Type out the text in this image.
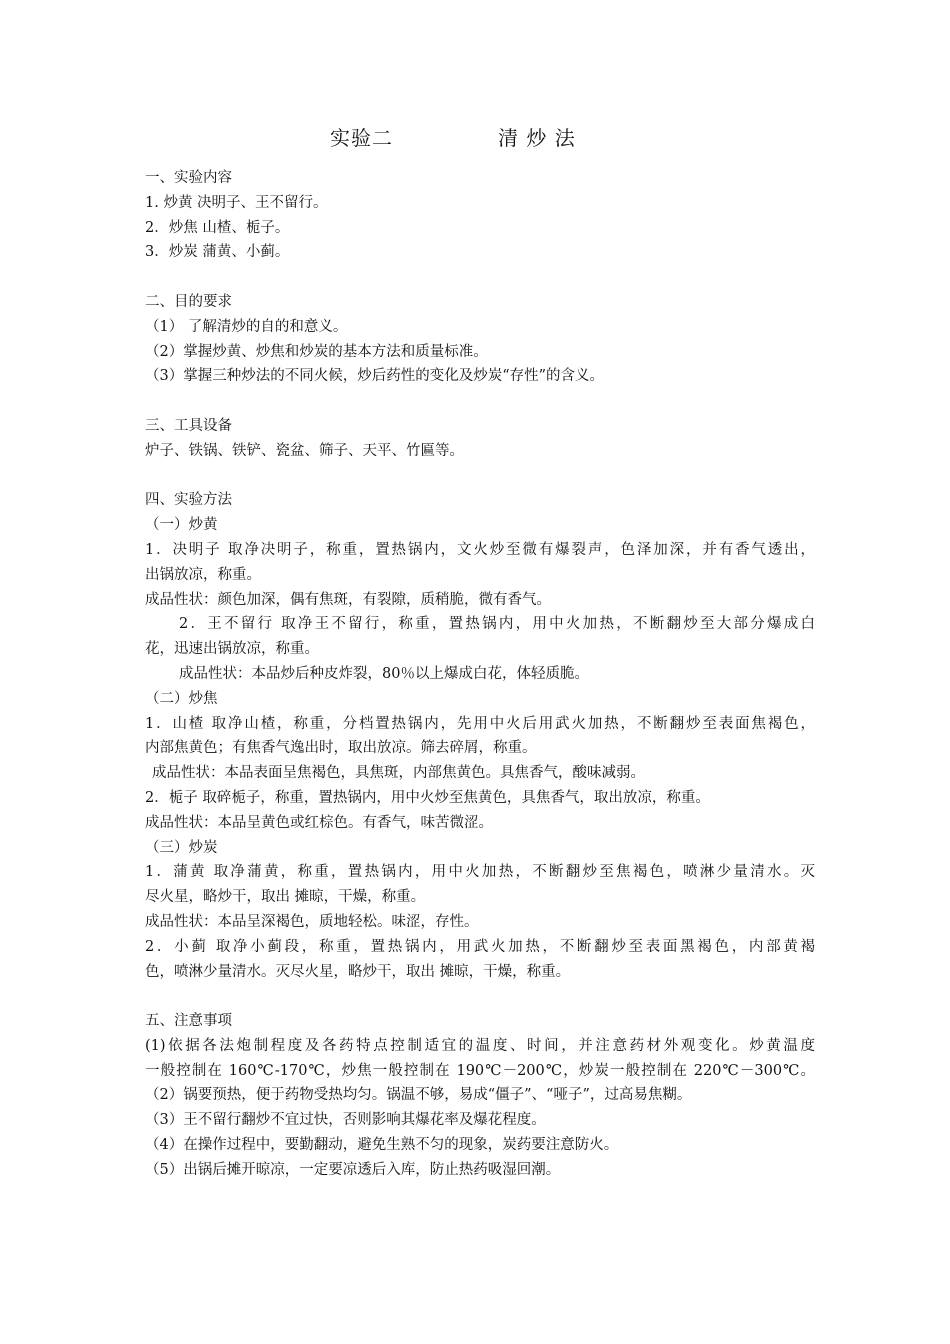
实验二	清 炒 法
一、实验内容
1. 炒黄 决明子、王不留行。
2．炒焦 山楂、栀子。
3．炒炭 蒲黄、小蓟。
二、目的要求
（1） 了解清炒的自的和意义。
（2）掌握炒黄、炒焦和炒炭的基本方法和质量标准。
（3）掌握三种炒法的不同火候，炒后药性的变化及炒炭“存性”的含义。
三、工具设备
炉子、铁锅、铁铲、瓷盆、筛子、天平、竹匾等。
四、实验方法
（一）炒黄
1．决明子 取净决明子，称重，置热锅内，文火炒至微有爆裂声，色泽加深，并有香气透出，
出锅放凉，称重。
成品性状：颜色加深，偶有焦斑，有裂隙，质稍脆，微有香气。
2．王不留行 取净王不留行，称重，置热锅内，用中火加热，不断翻炒至大部分爆成白
花，迅速出锅放凉，称重。
成品性状：本品炒后种皮炸裂，80％以上爆成白花，体轻质脆。
（二）炒焦
1．山楂 取净山楂，称重，分档置热锅内，先用中火后用武火加热，不断翻炒至表面焦褐色，
内部焦黄色；有焦香气逸出时，取出放凉。筛去碎屑，称重。
成品性状：本品表面呈焦褐色，具焦斑，内部焦黄色。具焦香气，酸味减弱。
2．栀子 取碎栀子，称重，置热锅内，用中火炒至焦黄色，具焦香气，取出放凉，称重。
成品性状：本品呈黄色或红棕色。有香气，味苦微涩。
（三）炒炭
1．蒲黄 取净蒲黄，称重，置热锅内，用中火加热，不断翻炒至焦褐色，喷淋少量清水。灭
尽火星，略炒干，取出 摊晾，干燥，称重。
成品性状：本品呈深褐色，质地轻松。味涩，存性。
2．小蓟 取净小蓟段，称重，置热锅内，用武火加热，不断翻炒至表面黑褐色，内部黄褐
色，喷淋少量清水。灭尽火星，略炒干，取出 摊晾，干燥，称重。
五、注意事项
(1)依据各法炮制程度及各药特点控制适宜的温度、时间，并注意药材外观变化。炒黄温度
一般控制在 160℃-170℃，炒焦一般控制在 190℃－200℃，炒炭一般控制在 220℃－300℃。
（2）锅要预热，便于药物受热均匀。锅温不够，易成“僵子”、“哑子”，过高易焦糊。
（3）王不留行翻炒不宜过快，否则影响其爆花率及爆花程度。
（4）在操作过程中，要勤翻动，避免生熟不匀的现象，炭药要注意防火。
（5）出锅后摊开晾凉，一定要凉透后入库，防止热药吸湿回潮。
